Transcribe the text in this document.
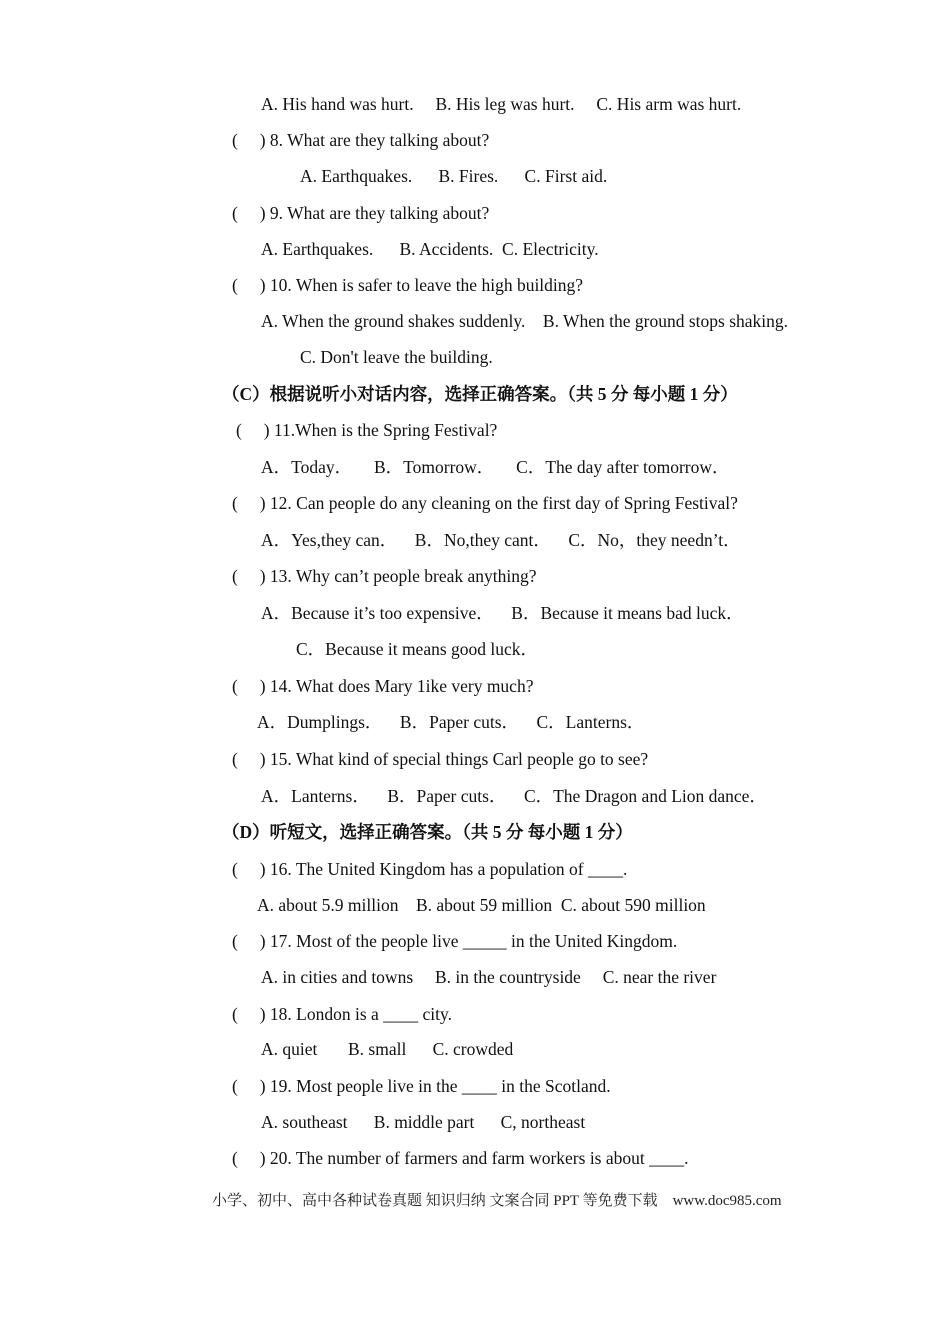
A. His hand was hurt.     B. His leg was hurt.     C. His arm was hurt.
(     ) 8. What are they talking about?
A. Earthquakes.      B. Fires.      C. First aid.
(     ) 9. What are they talking about?
A. Earthquakes.      B. Accidents.  C. Electricity.
(     ) 10. When is safer to leave the high building?
A. When the ground shakes suddenly.    B. When the ground stops shaking.
C. Don't leave the building.
（C）根据说听小对话内容，选择正确答案。（共 5 分 每小题 1 分）
(     ) 11.When is the Spring Festival?
A．Today．     B．Tomorrow．     C．The day after tomorrow．
(     ) 12. Can people do any cleaning on the first day of Spring Festival?
A．Yes,they can．    B．No,they cant．    C．No，they needn’t．
(     ) 13. Why can’t people break anything?
A．Because it’s too expensive．    B．Because it means bad luck．
C．Because it means good luck．
(     ) 14. What does Mary 1ike very much?
A．Dumplings．    B．Paper cuts．    C．Lanterns．
(     ) 15. What kind of special things Carl people go to see?
A．Lanterns．    B．Paper cuts．    C．The Dragon and Lion dance．
（D）听短文，选择正确答案。（共 5 分 每小题 1 分）
(     ) 16. The United Kingdom has a population of ____.
A. about 5.9 million    B. about 59 million  C. about 590 million
(     ) 17. Most of the people live _____ in the United Kingdom.
A. in cities and towns     B. in the countryside     C. near the river
(     ) 18. London is a ____ city.
A. quiet       B. small      C. crowded
(     ) 19. Most people live in the ____ in the Scotland.
A. southeast      B. middle part      C, northeast
(     ) 20. The number of farmers and farm workers is about ____.
小学、初中、高中各种试卷真题 知识归纳 文案合同 PPT 等免费下载    www.doc985.com
